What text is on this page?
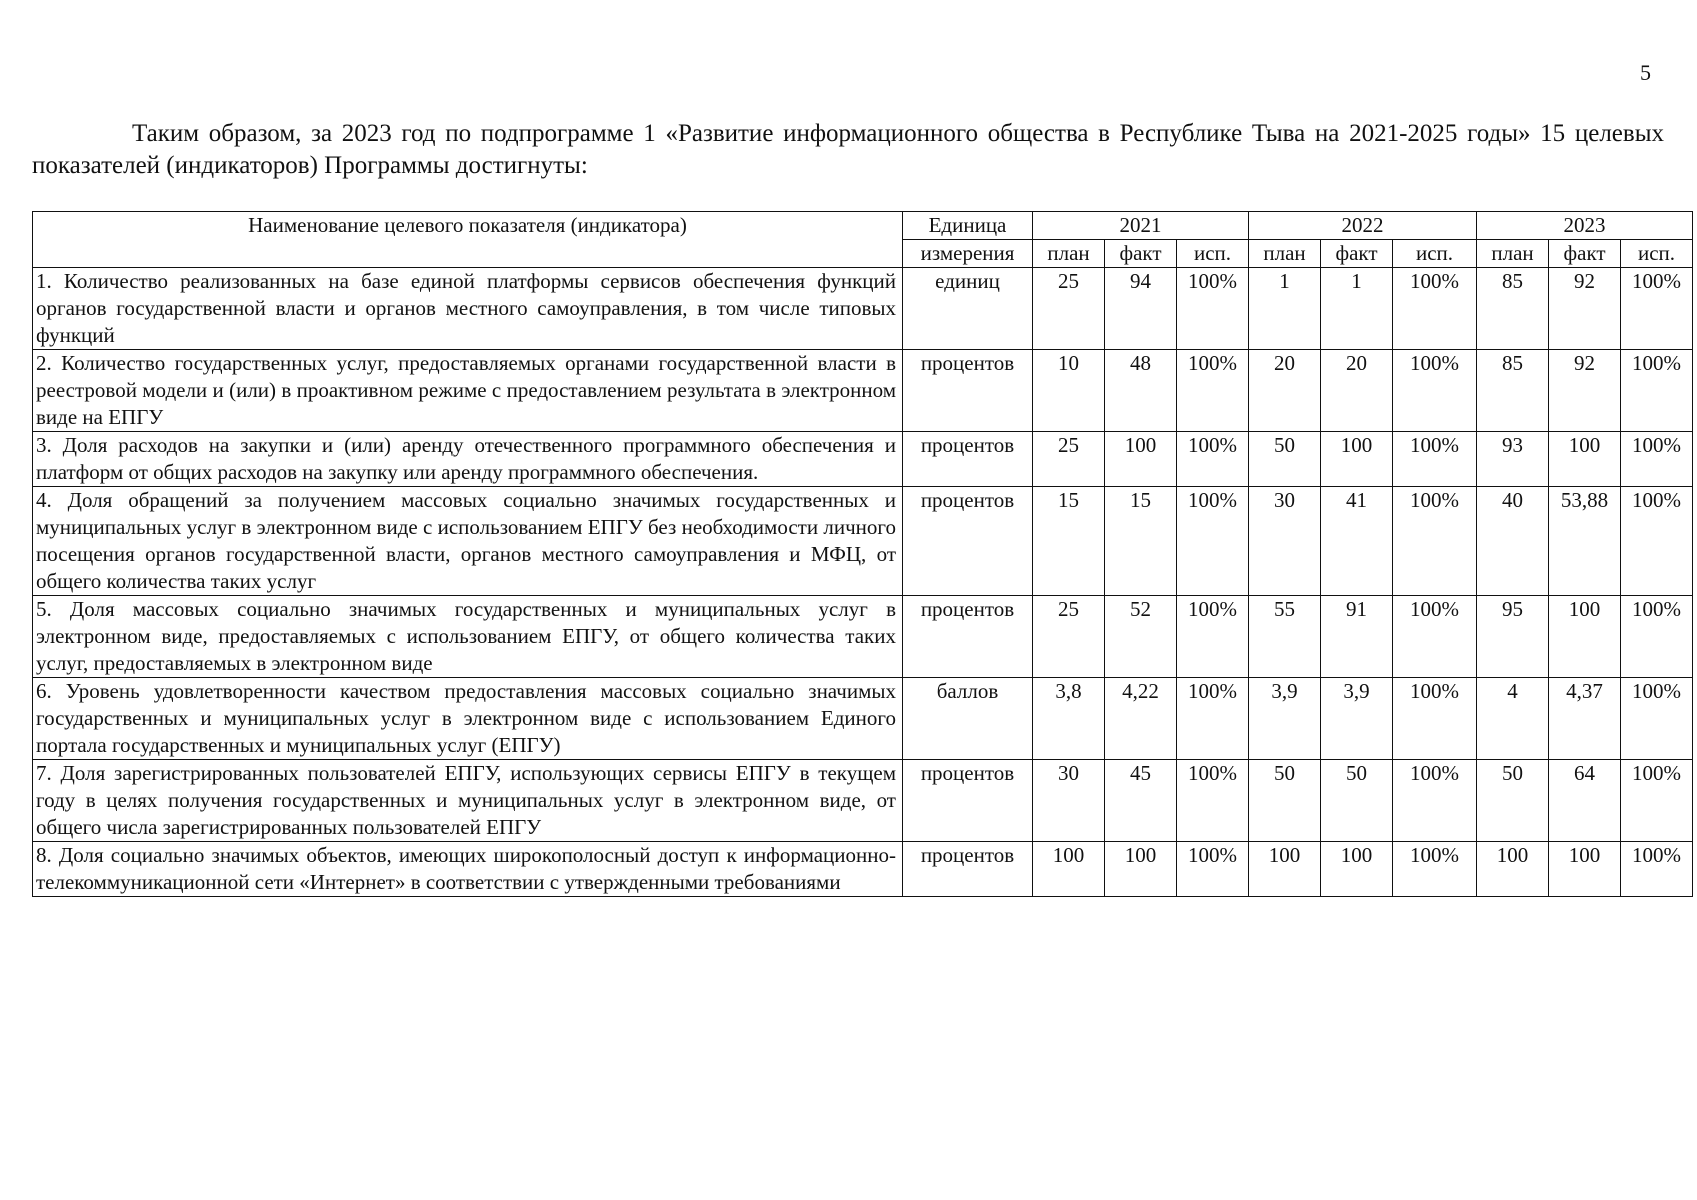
5

Таким образом, за 2023 год по подпрограмме 1 «Развитие информационного общества в Республике Тыва на 2021-2025 годы» 15 целевых показателей (индикаторов) Программы достигнуты:

Наименование целевого показателя (индикатора)	Единица	2021			2022			2023		
	измерения	план	факт	исп.	план	факт	исп.	план	факт	исп.
1. Количество реализованных на базе единой платформы сервисов обеспечения функций органов государственной власти и органов местного самоуправления, в том числе типовых функций	единиц	25	94	100%	1	1	100%	85	92	100%
2. Количество государственных услуг, предоставляемых органами государственной власти в реестровой модели и (или) в проактивном режиме с предоставлением результата в электронном виде на ЕПГУ	процентов	10	48	100%	20	20	100%	85	92	100%
3. Доля расходов на закупки и (или) аренду отечественного программного обеспечения и платформ от общих расходов на закупку или аренду программного обеспечения.	процентов	25	100	100%	50	100	100%	93	100	100%
4. Доля обращений за получением массовых социально значимых государственных и муниципальных услуг в электронном виде с использованием ЕПГУ без необходимости личного посещения органов государственной власти, органов местного самоуправления и МФЦ, от общего количества таких услуг	процентов	15	15	100%	30	41	100%	40	53,88	100%
5. Доля массовых социально значимых государственных и муниципальных услуг в электронном виде, предоставляемых с использованием ЕПГУ, от общего количества таких услуг, предоставляемых в электронном виде	процентов	25	52	100%	55	91	100%	95	100	100%
6. Уровень удовлетворенности качеством предоставления массовых социально значимых государственных и муниципальных услуг в электронном виде с использованием Единого портала государственных и муниципальных услуг (ЕПГУ)	баллов	3,8	4,22	100%	3,9	3,9	100%	4	4,37	100%
7. Доля зарегистрированных пользователей ЕПГУ, использующих сервисы ЕПГУ в текущем году в целях получения государственных и муниципальных услуг в электронном виде, от общего числа зарегистрированных пользователей ЕПГУ	процентов	30	45	100%	50	50	100%	50	64	100%
8. Доля социально значимых объектов, имеющих широкополосный доступ к информационно-телекоммуникационной сети «Интернет» в соответствии с утвержденными требованиями	процентов	100	100	100%	100	100	100%	100	100	100%
